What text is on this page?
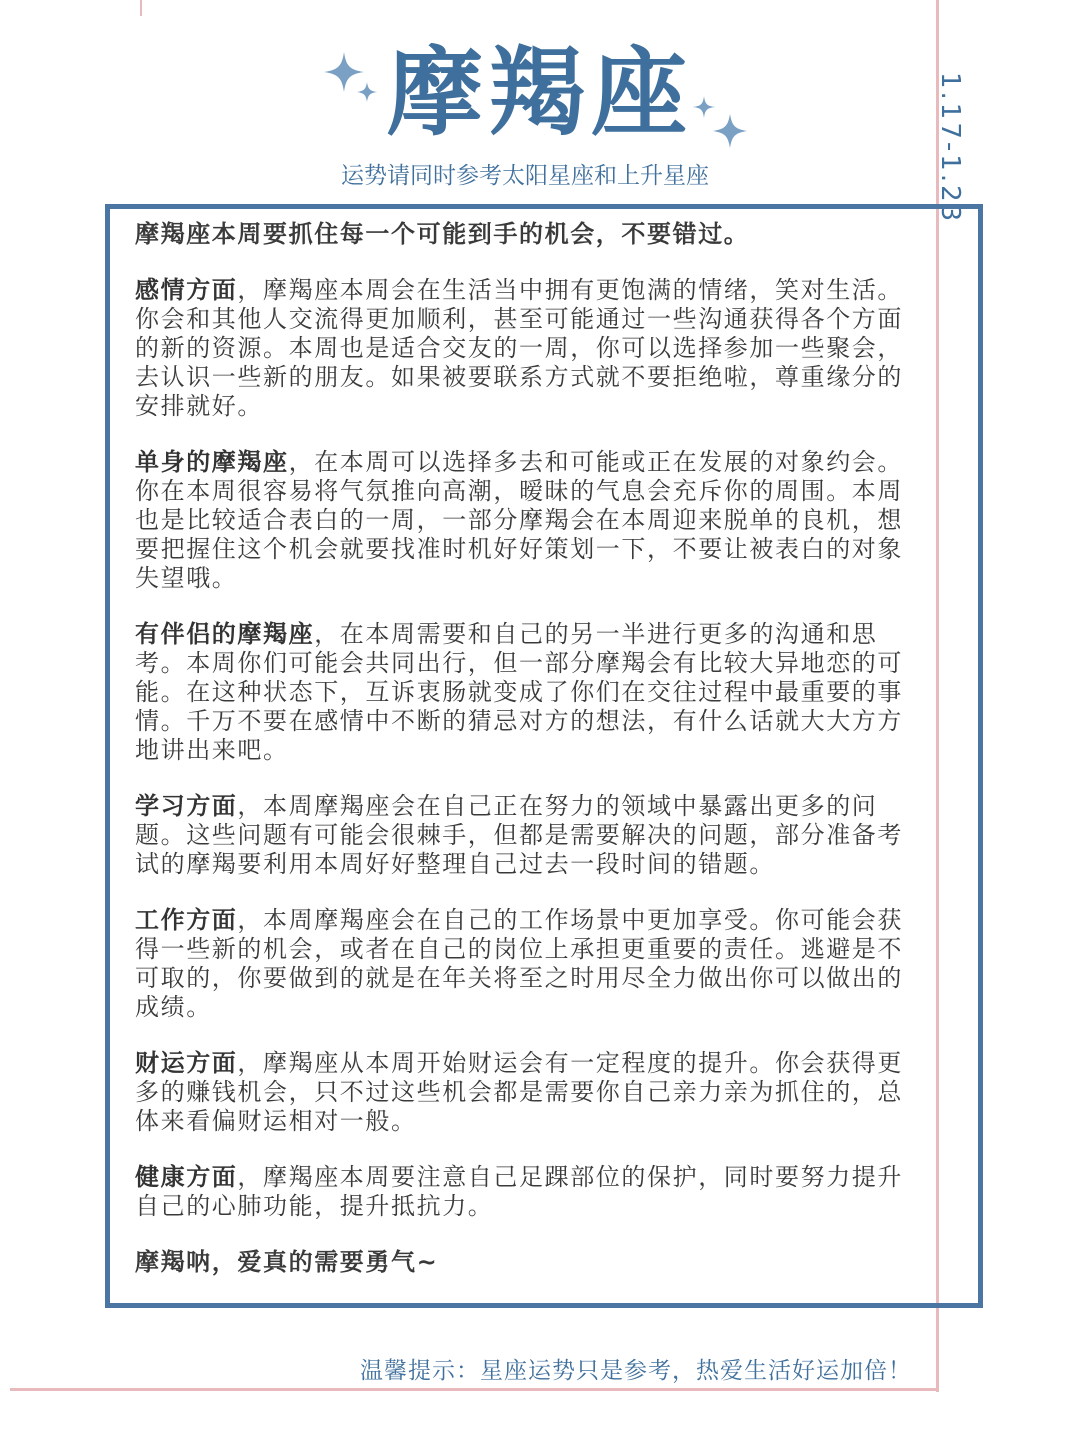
摩羯座
运势请同时参考太阳星座和上升星座	1.17-1.23

摩羯座本周要抓住每一个可能到手的机会，不要错过。

感情方面，摩羯座本周会在生活当中拥有更饱满的情绪，笑对生活。你会和其他人交流得更加顺利，甚至可能通过一些沟通获得各个方面的新的资源。本周也是适合交友的一周，你可以选择参加一些聚会，去认识一些新的朋友。如果被要联系方式就不要拒绝啦，尊重缘分的安排就好。

单身的摩羯座，在本周可以选择多去和可能或正在发展的对象约会。你在本周很容易将气氛推向高潮，暧昧的气息会充斥你的周围。本周也是比较适合表白的一周，一部分摩羯会在本周迎来脱单的良机，想要把握住这个机会就要找准时机好好策划一下，不要让被表白的对象失望哦。

有伴侣的摩羯座，在本周需要和自己的另一半进行更多的沟通和思考。本周你们可能会共同出行，但一部分摩羯会有比较大异地恋的可能。在这种状态下，互诉衷肠就变成了你们在交往过程中最重要的事情。千万不要在感情中不断的猜忌对方的想法，有什么话就大大方方地讲出来吧。

学习方面，本周摩羯座会在自己正在努力的领域中暴露出更多的问题。这些问题有可能会很棘手，但都是需要解决的问题，部分准备考试的摩羯要利用本周好好整理自己过去一段时间的错题。

工作方面，本周摩羯座会在自己的工作场景中更加享受。你可能会获得一些新的机会，或者在自己的岗位上承担更重要的责任。逃避是不可取的，你要做到的就是在年关将至之时用尽全力做出你可以做出的成绩。

财运方面，摩羯座从本周开始财运会有一定程度的提升。你会获得更多的赚钱机会，只不过这些机会都是需要你自己亲力亲为抓住的，总体来看偏财运相对一般。

健康方面，摩羯座本周要注意自己足踝部位的保护，同时要努力提升自己的心肺功能，提升抵抗力。

摩羯呐，爱真的需要勇气~

温馨提示：星座运势只是参考，热爱生活好运加倍！
